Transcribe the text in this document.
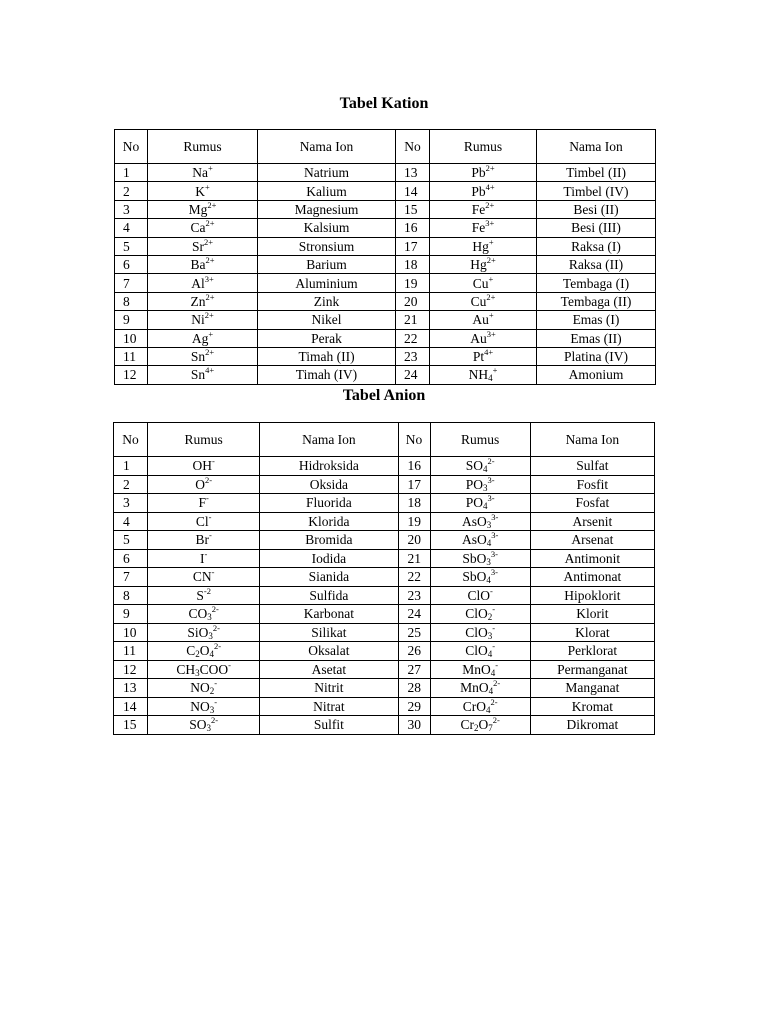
Tabel Kation
No	Rumus	Nama Ion	No	Rumus	Nama Ion
1	Na+	Natrium	13	$Pb^{2+}$	Timbel (II)
2	K+	Kalium	14	$Pb^{4+}$	Timbel (IV)
3	$Mg^{2+}$	Magnesium	15	$Fe^{2+}$	Besi (II)
4	$Ca^{2+}$	Kalsium	16	$Fe^{3+}$	Besi (III)
5	$Sr^{2+}$	Stronsium	17	Hg+	Raksa (I)
6	$Ba^{2+}$	Barium	18	$Hg^{2+}$	Raksa (II)
7	$Al^{3+}$	Aluminium	19	Cu+	Tembaga (I)
8	$Zn^{2+}$	Zink	20	$Cu^{2+}$	Tembaga (II)
9	$Ni^{2+}$	Nikel	21	Au+	Emas (I)
10	Ag+	Perak	22	$Au^{3+}$	Emas (II)
11	$Sn^{2+}$	Timah (II)	23	$Pt^{4+}$	Platina (IV)
12	$Sn^{4+}$	Timah (IV)	24	$NH_4^+$	Amonium
Tabel Anion
No	Rumus	Nama Ion	No	Rumus	Nama Ion
1	OH-	Hidroksida	16	$SO_4^{2-}$	Sulfat
2	$O^{2-}$	Oksida	17	$PO_3^{3-}$	Fosfit
3	F-	Fluorida	18	$PO_4^{3-}$	Fosfat
4	Cl-	Klorida	19	AsO$_3^{3-}$	Arsenit
5	Br-	Bromida	20	AsO$_4^{3-}$	Arsenat
6	I-	Iodida	21	SbO$_3^{3-}$	Antimonit
7	CN-	Sianida	22	SbO$_4^{3-}$	Antimonat
8	$S^{-2}$	Sulfida	23	ClO-	Hipoklorit
9	$CO_3^{2-}$	Karbonat	24	ClO$_2$-	Klorit
10	SiO$_3^{2-}$	Silikat	25	ClO$_3$-	Klorat
11	$C_2O_4^{2-}$	Oksalat	26	ClO$_4$-	Perklorat
12	$CH_3COO^-$	Asetat	27	MnO$_4$-	Permanganat
13	$NO_2^-$	Nitrit	28	MnO$_4^{2-}$	Manganat
14	$NO_3^-$	Nitrat	29	CrO$_4^{2-}$	Kromat
15	$SO_3^{2-}$	Sulfit	30	$Cr_2O_7^{2-}$	Dikromat
